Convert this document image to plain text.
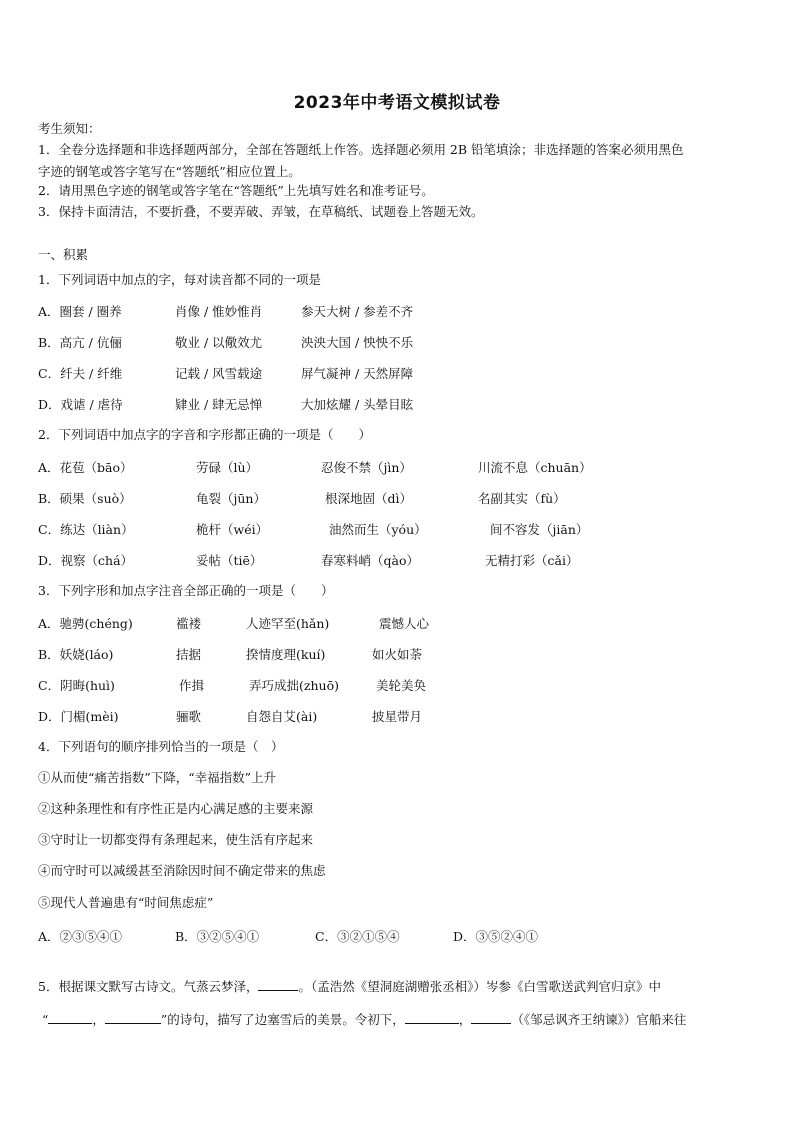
2023年中考语文模拟试卷
考生须知：
1．全卷分选择题和非选择题两部分，全部在答题纸上作答。选择题必须用 2B 铅笔填涂；非选择题的答案必须用黑色
字迹的钢笔或答字笔写在“答题纸”相应位置上。
2．请用黑色字迹的钢笔或答字笔在“答题纸”上先填写姓名和准考证号。
3．保持卡面清洁，不要折叠，不要弄破、弄皱，在草稿纸、试题卷上答题无效。
一、积累
1．下列词语中加点的字，每对读音都不同的一项是
A．圈套 / 圈养	肖像 / 惟妙惟肖	参天大树 / 参差不齐
B．高亢 / 伉俪	敬业 / 以儆效尤	泱泱大国 / 怏怏不乐
C．纤夫 / 纤维	记载 / 风雪载途	屏气凝神 / 天然屏障
D．戏谑 / 虐待	肄业 / 肆无忌惮	大加炫耀 / 头晕目眩
2．下列词语中加点字的字音和字形都正确的一项是（　　）
A．花苞（bāo）	劳碌（lù）	忍俊不禁（jìn）	川流不息（chuān）
B．硕果（suò）	龟裂（jūn）	根深地固（dì）	名副其实（fù）
C．练达（liàn）	桅杆（wéi）	油然而生（yóu）	间不容发（jiān）
D．视察（chá）	妥帖（tiē）	春寒料峭（qào）	无精打彩（cǎi）
3．下列字形和加点字注音全部正确的一项是（　　）
A．驰骋(chéng)	褴褛	人迹罕至(hǎn)	震憾人心
B．妖娆(láo)	拮据	揆情度理(kuí)	如火如荼
C．阴晦(huì)	作揖	弄巧成拙(zhuō)	美轮美奂
D．门楣(mèi)	骊歌	自怨自艾(ài)	披星带月
4．下列语句的顺序排列恰当的一项是（　）
①从而使“痛苦指数”下降，“幸福指数”上升
②这种条理性和有序性正是内心满足感的主要来源
③守时让一切都变得有条理起来，使生活有序起来
④而守时可以减缓甚至消除因时间不确定带来的焦虑
⑤现代人普遍患有“时间焦虑症”
A．②③⑤④①	B．③②⑤④①	C．③②①⑤④	D．③⑤②④①
5．根据课文默写古诗文。气蒸云梦泽，	。（孟浩然《望洞庭湖赠张丞相》）岑参《白雪歌送武判官归京》中
“	，	”的诗句，描写了边塞雪后的美景。令初下，	，	（《邹忌讽齐王纳谏》）官船来往
